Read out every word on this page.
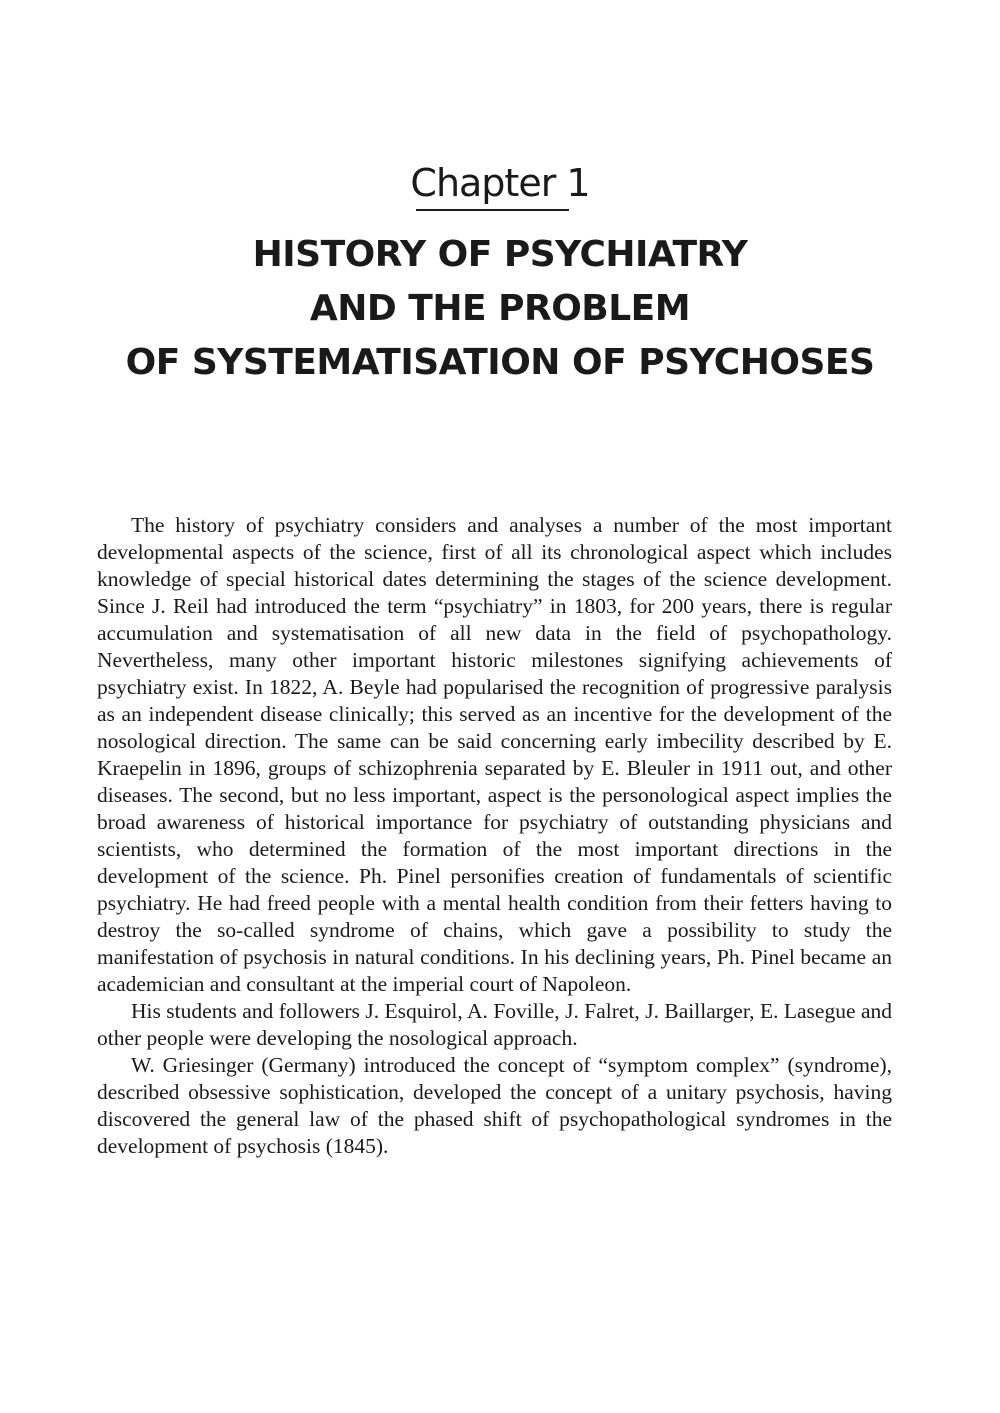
Chapter 1
HISTORY OF PSYCHIATRY
AND THE PROBLEM
OF SYSTEMATISATION OF PSYCHOSES

The history of psychiatry considers and analyses a number of the most important developmental aspects of the science, first of all its chronological aspect which includes knowledge of special historical dates determining the stages of the science development. Since J. Reil had introduced the term “psychiatry” in 1803, for 200 years, there is regular accumulation and systematisation of all new data in the field of psychopathology. Nevertheless, many other important historic milestones signifying achievements of psychiatry exist. In 1822, A. Beyle had popularised the recognition of progressive paralysis as an independent disease clinically; this served as an incentive for the development of the nosological direction. The same can be said concerning early imbecility described by E. Kraepelin in 1896, groups of schizophrenia separated by E. Bleuler in 1911 out, and other diseases. The second, but no less important, aspect is the personological aspect implies the broad awareness of historical importance for psychiatry of outstanding physicians and scientists, who determined the formation of the most important directions in the development of the science. Ph. Pinel personifies creation of fundamentals of scientific psychiatry. He had freed people with a mental health condition from their fetters having to destroy the so-called syndrome of chains, which gave a possibility to study the manifestation of psychosis in natural conditions. In his declining years, Ph. Pinel became an academician and consultant at the imperial court of Napoleon.

His students and followers J. Esquirol, A. Foville, J. Falret, J. Baillarger, E. Lasegue and other people were developing the nosological approach.

W. Griesinger (Germany) introduced the concept of “symptom complex” (syndrome), described obsessive sophistication, developed the concept of a unitary psychosis, having discovered the general law of the phased shift of psychopathological syndromes in the development of psychosis (1845).
